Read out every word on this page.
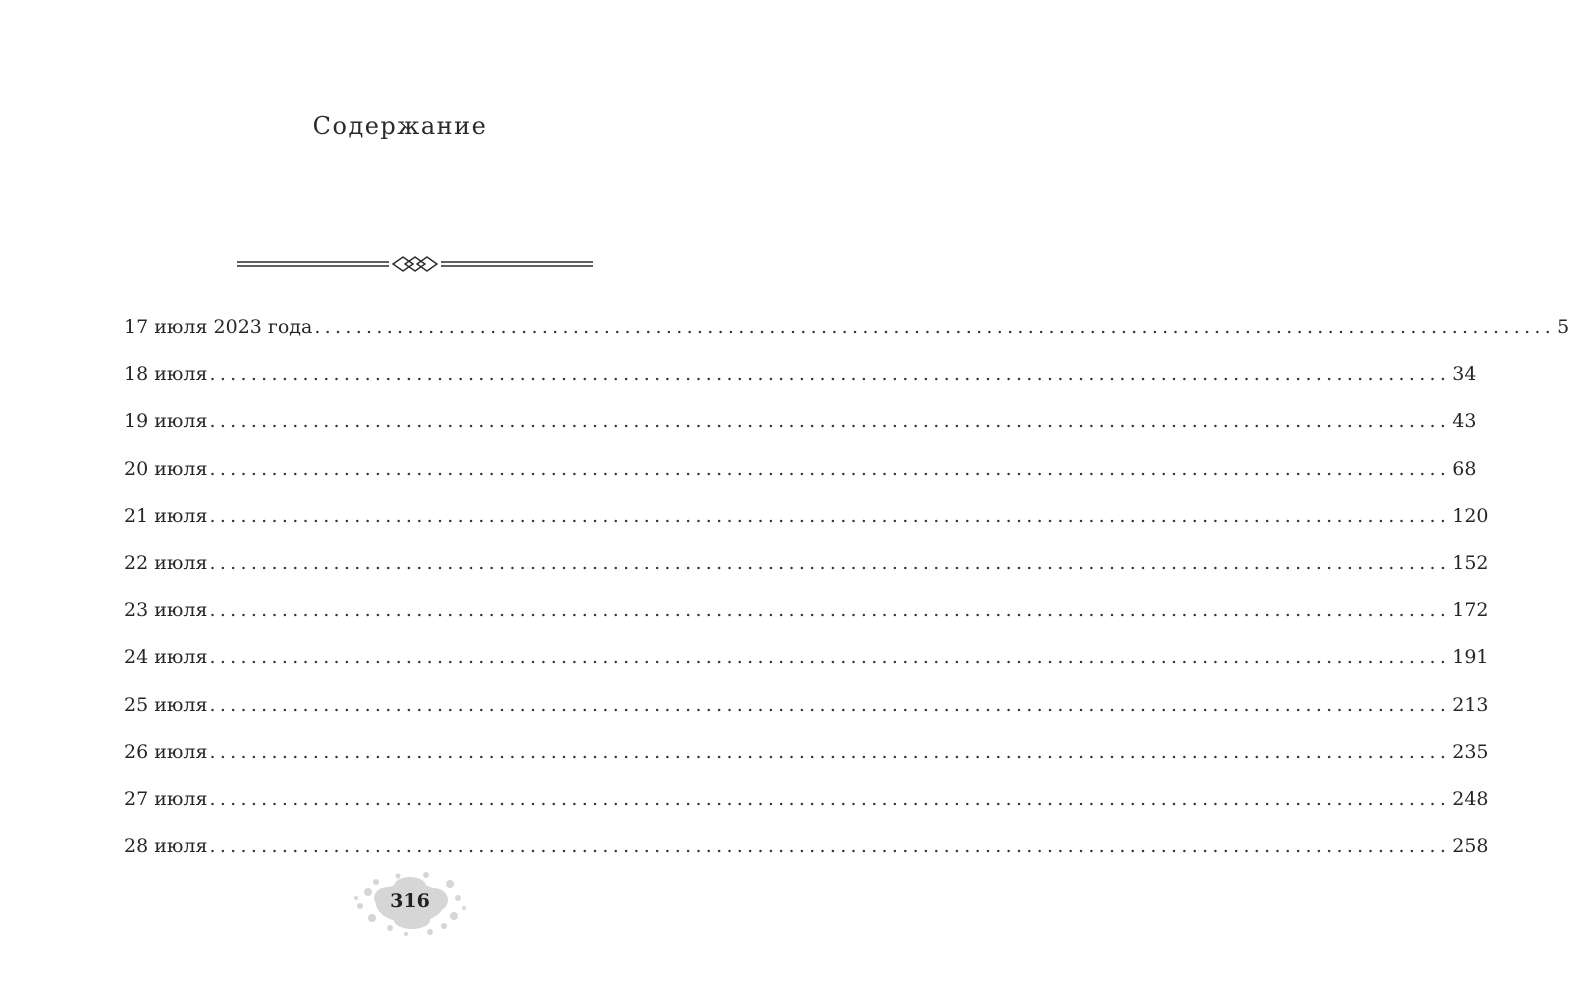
Содержание
17 июля 2023 года ........................................................................................................................ 5
18 июля ........................................................................................................................ 34
19 июля ........................................................................................................................ 43
20 июля ........................................................................................................................ 68
21 июля ........................................................................................................................ 120
22 июля ........................................................................................................................ 152
23 июля ........................................................................................................................ 172
24 июля ........................................................................................................................ 191
25 июля ........................................................................................................................ 213
26 июля ........................................................................................................................ 235
27 июля ........................................................................................................................ 248
28 июля ........................................................................................................................ 258
316
